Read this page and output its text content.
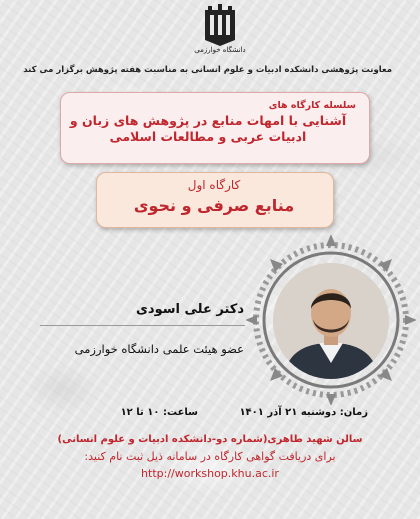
دانشگاه خوارزمی
معاونت پژوهشی دانشکده ادبیات و علوم انسانی به مناسبت هفته پژوهش برگزار می کند
سلسله کارگاه های
آشنایی با امهات منابع در پژوهش های زبان و ادبیات عربی و مطالعات اسلامی
کارگاه اول
منابع صرفی و نحوی
دکتر علی اسودی
عضو هیئت علمی دانشگاه خوارزمی
زمان: دوشنبه ۲۱ آذر ۱۴۰۱
ساعت: ۱۰ تا ۱۲
سالن شهید طاهری(شماره دو-دانشکده ادبیات و علوم انسانی)
برای دریافت گواهی کارگاه در سامانه ذیل ثبت نام کنید:
http://workshop.khu.ac.ir
